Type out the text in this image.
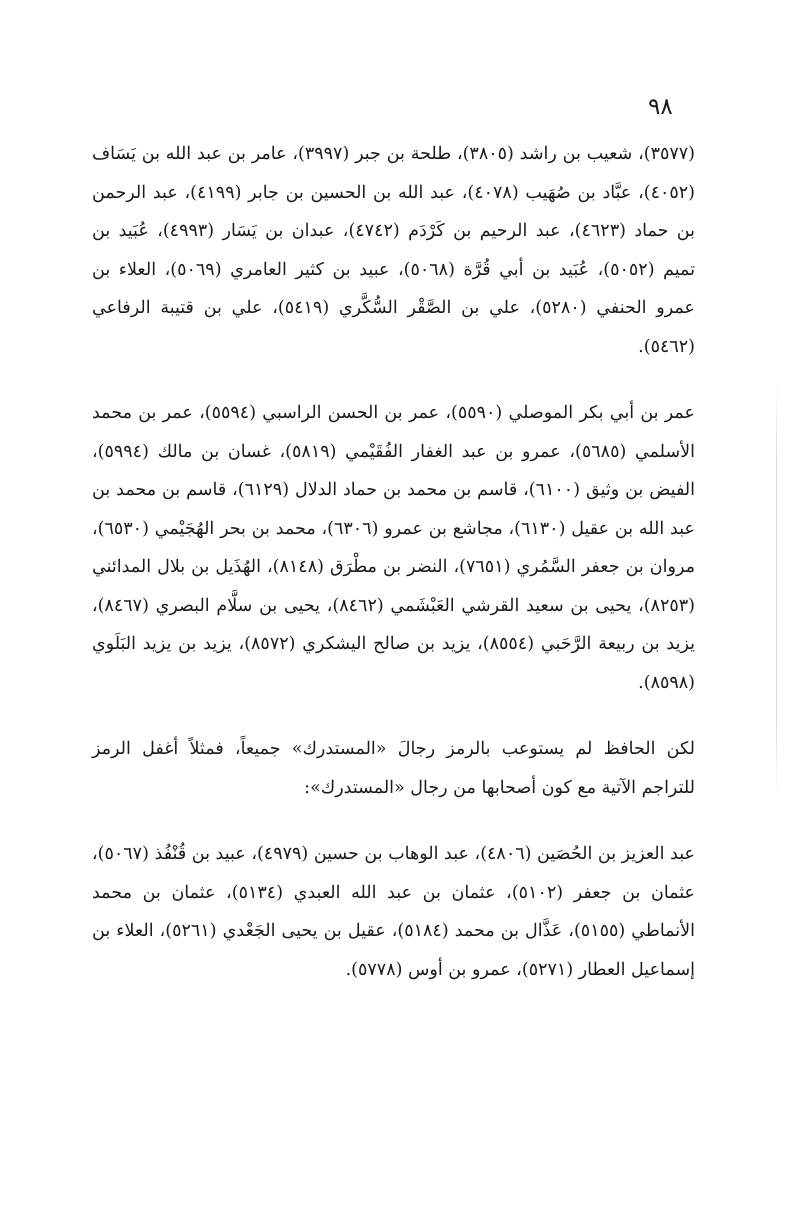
٩٨

(٣٥٧٧)، شعيب بن راشد (٣٨٠٥)، طلحة بن جبر (٣٩٩٧)، عامر بن عبد الله بن يَسَاف (٤٠٥٢)، عبَّاد بن صُهَيب (٤٠٧٨)، عبد الله بن الحسين بن جابر (٤١٩٩)، عبد الرحمن بن حماد (٤٦٢٣)، عبد الرحيم بن كَرْدَم (٤٧٤٢)، عبدان بن يَسَار (٤٩٩٣)، عُبَيد بن تميم (٥٠٥٢)، عُبَيد بن أبي قُرَّة (٥٠٦٨)، عبيد بن كثير العامري (٥٠٦٩)، العلاء بن عمرو الحنفي (٥٢٨٠)، علي بن الصَّقْر السُّكَّري (٥٤١٩)، علي بن قتيبة الرفاعي (٥٤٦٢).

عمر بن أبي بكر الموصلي (٥٥٩٠)، عمر بن الحسن الراسبي (٥٥٩٤)، عمر بن محمد الأسلمي (٥٦٨٥)، عمرو بن عبد الغفار الفُقَيْمي (٥٨١٩)، غسان بن مالك (٥٩٩٤)، الفيض بن وثيق (٦١٠٠)، قاسم بن محمد بن حماد الدلال (٦١٢٩)، قاسم بن محمد بن عبد الله بن عقيل (٦١٣٠)، مجاشع بن عمرو (٦٣٠٦)، محمد بن بحر الهُجَيْمي (٦٥٣٠)، مروان بن جعفر السَّمُري (٧٦٥١)، النضر بن مطْرَق (٨١٤٨)، الهُذَيل بن بلال المدائني (٨٢٥٣)، يحيى بن سعيد القرشي العَبْشَمي (٨٤٦٢)، يحيى بن سلَّام البصري (٨٤٦٧)، يزيد بن ربيعة الرَّحَبي (٨٥٥٤)، يزيد بن صالح اليشكري (٨٥٧٢)، يزيد بن يزيد البَلَوي (٨٥٩٨).

لكن الحافظ لم يستوعب بالرمز رجالَ «المستدرك» جميعاً، فمثلاً أغفل الرمز للتراجم الآتية مع كون أصحابها من رجال «المستدرك»:

عبد العزيز بن الحُصَين (٤٨٠٦)، عبد الوهاب بن حسين (٤٩٧٩)، عبيد بن قُنْفُذ (٥٠٦٧)، عثمان بن جعفر (٥١٠٢)، عثمان بن عبد الله العبدي (٥١٣٤)، عثمان بن محمد الأنماطي (٥١٥٥)، عَذَّال بن محمد (٥١٨٤)، عقيل بن يحيى الجَعْدي (٥٢٦١)، العلاء بن إسماعيل العطار (٥٢٧١)، عمرو بن أوس (٥٧٧٨).
